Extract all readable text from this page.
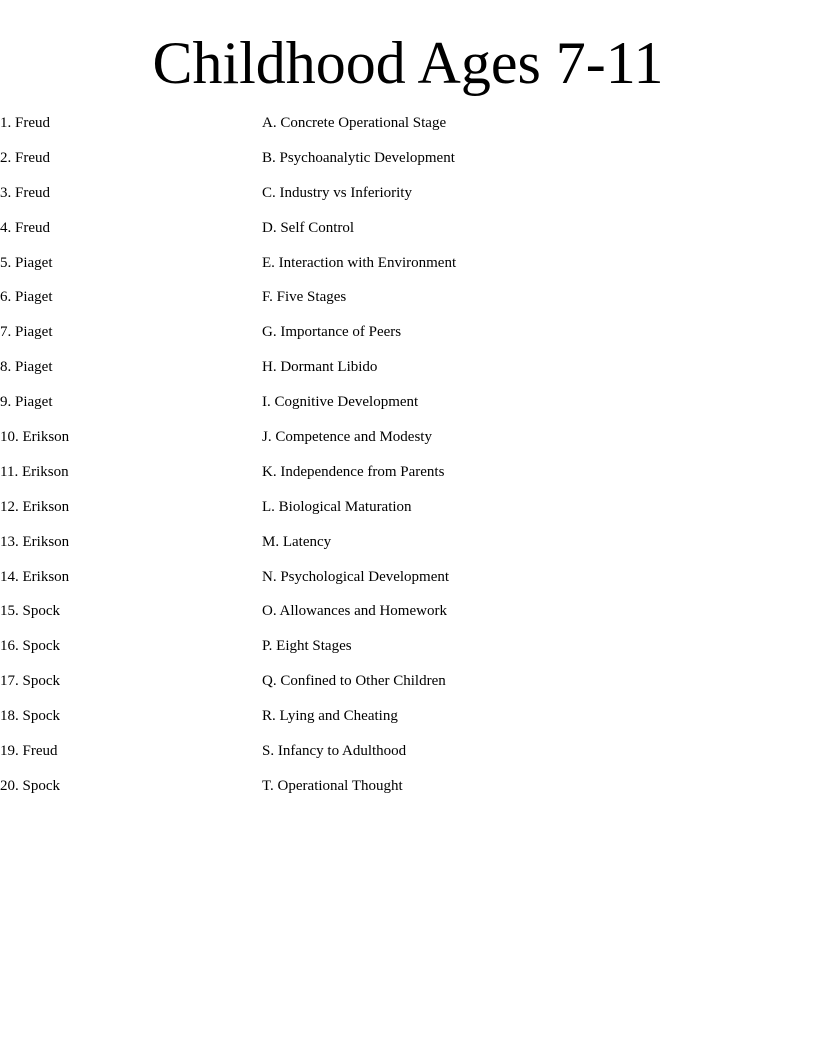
Childhood Ages 7-11
1. Freud	A. Concrete Operational Stage
2. Freud	B. Psychoanalytic Development
3. Freud	C. Industry vs Inferiority
4. Freud	D. Self Control
5. Piaget	E. Interaction with Environment
6. Piaget	F. Five Stages
7. Piaget	G. Importance of Peers
8. Piaget	H. Dormant Libido
9. Piaget	I. Cognitive Development
10. Erikson	J. Competence and Modesty
11. Erikson	K. Independence from Parents
12. Erikson	L. Biological Maturation
13. Erikson	M. Latency
14. Erikson	N. Psychological Development
15. Spock	O. Allowances and Homework
16. Spock	P. Eight Stages
17. Spock	Q. Confined to Other Children
18. Spock	R. Lying and Cheating
19. Freud	S. Infancy to Adulthood
20. Spock	T. Operational Thought
